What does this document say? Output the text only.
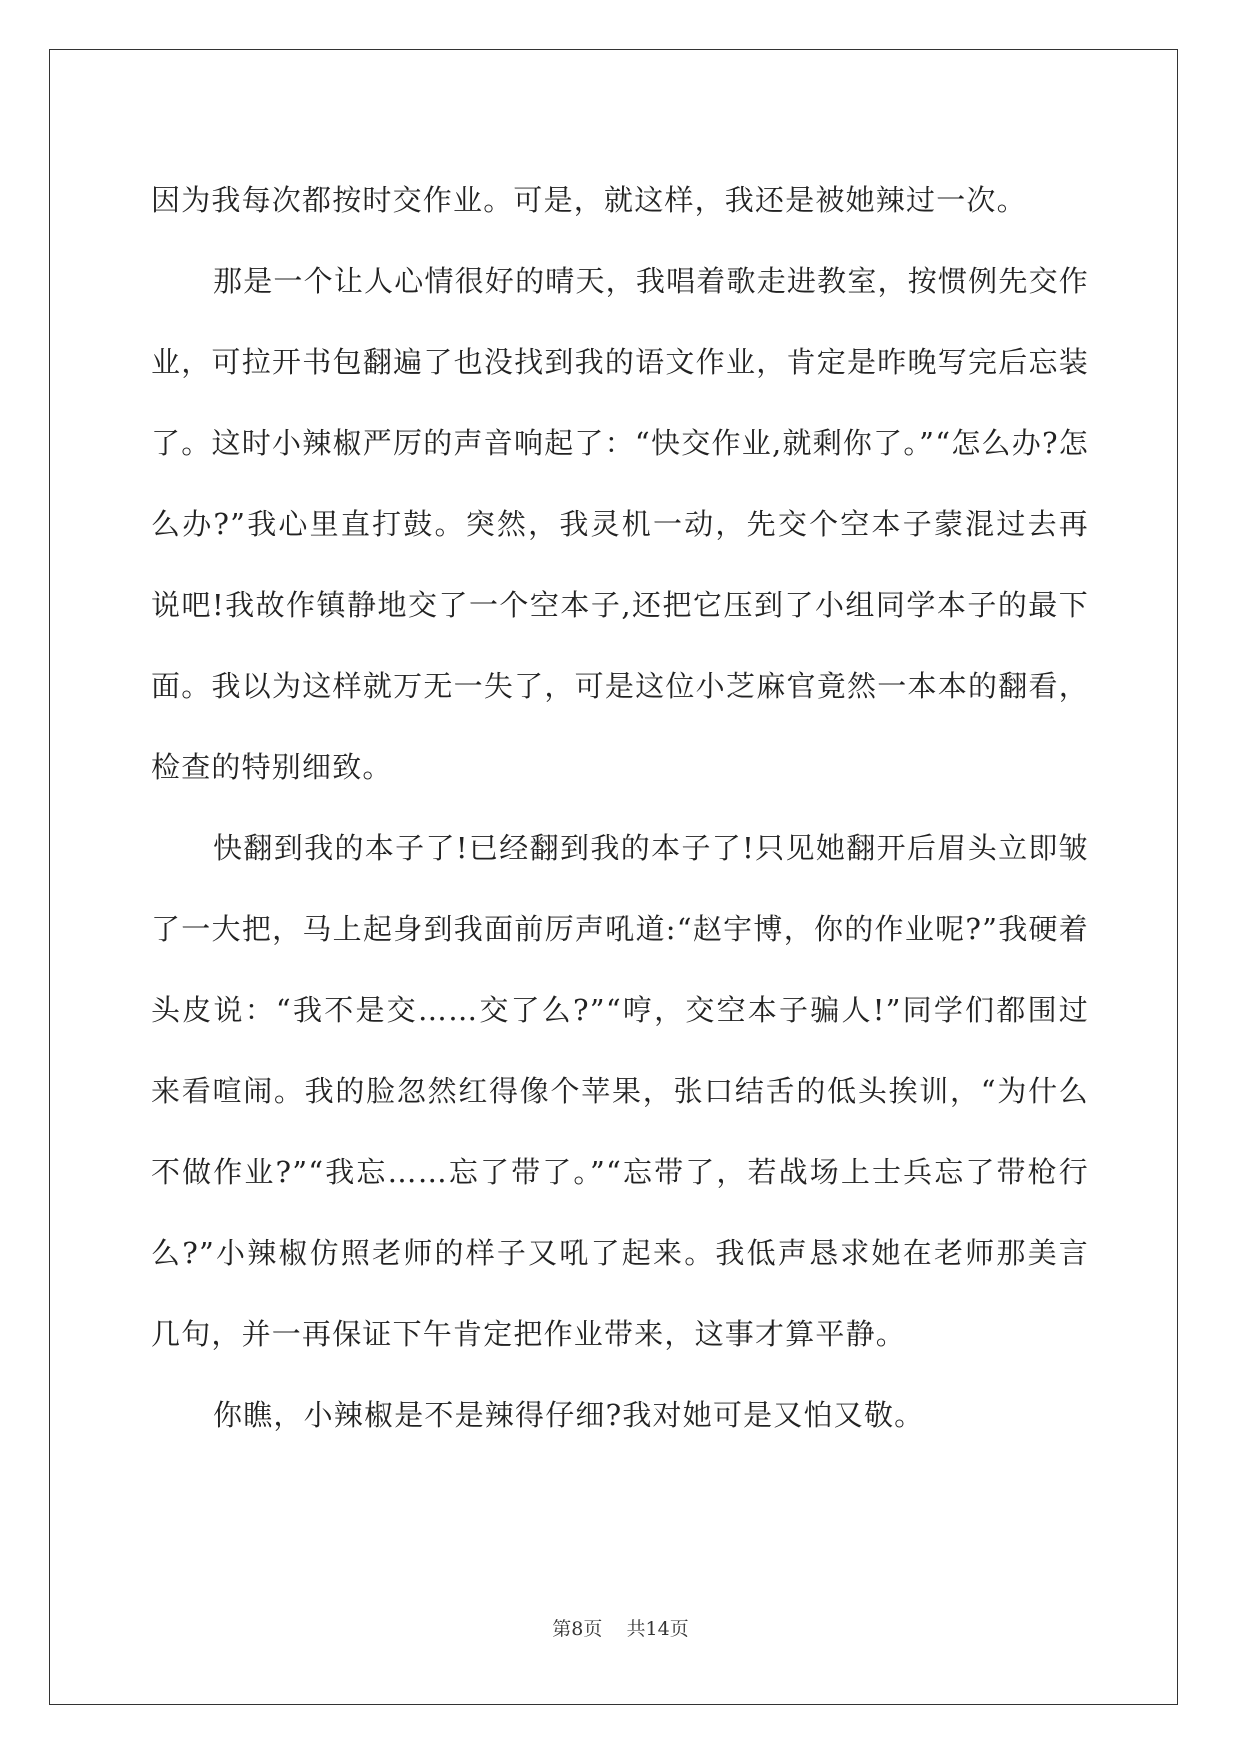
因为我每次都按时交作业。可是，就这样，我还是被她辣过一次。

那是一个让人心情很好的晴天，我唱着歌走进教室，按惯例先交作业，可拉开书包翻遍了也没找到我的语文作业，肯定是昨晚写完后忘装了。这时小辣椒严厉的声音响起了：“快交作业,就剩你了。”“怎么办?怎么办?”我心里直打鼓。突然，我灵机一动，先交个空本子蒙混过去再说吧!我故作镇静地交了一个空本子,还把它压到了小组同学本子的最下面。我以为这样就万无一失了，可是这位小芝麻官竟然一本本的翻看，检查的特别细致。

快翻到我的本子了!已经翻到我的本子了!只见她翻开后眉头立即皱了一大把，马上起身到我面前厉声吼道:“赵宇博，你的作业呢?”我硬着头皮说：“我不是交……交了么?”“哼，交空本子骗人!”同学们都围过来看喧闹。我的脸忽然红得像个苹果，张口结舌的低头挨训，“为什么不做作业?”“我忘……忘了带了。”“忘带了，若战场上士兵忘了带枪行么?”小辣椒仿照老师的样子又吼了起来。我低声恳求她在老师那美言几句，并一再保证下午肯定把作业带来，这事才算平静。

你瞧，小辣椒是不是辣得仔细?我对她可是又怕又敬。

第8页 共14页
